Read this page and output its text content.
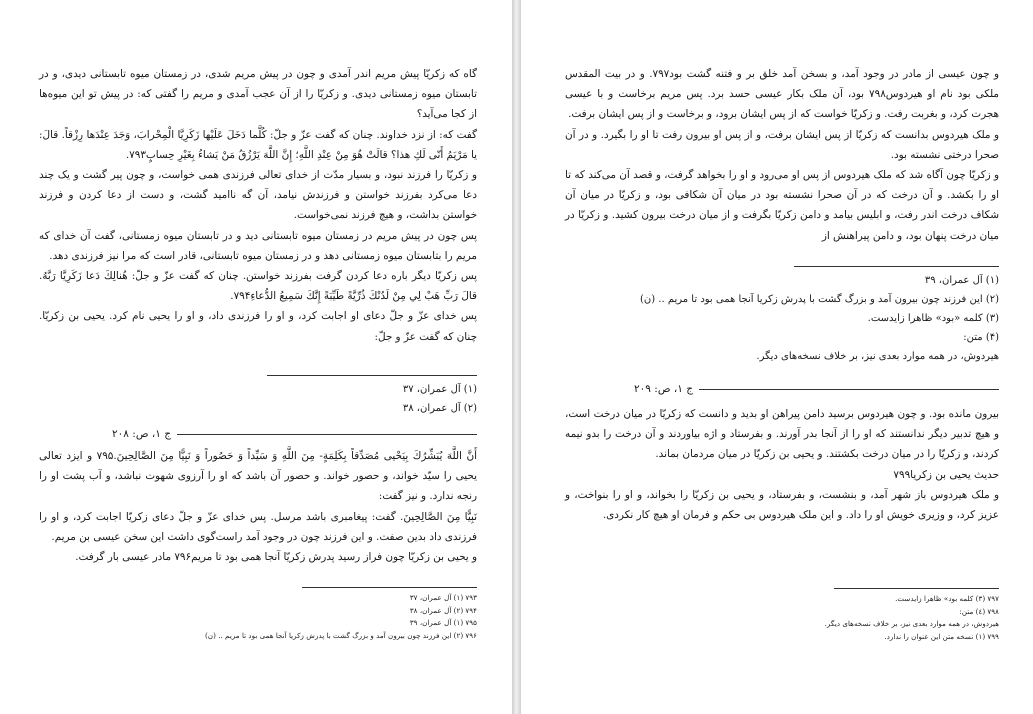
گاه که زکریّا پیش مریم اندر آمدی و چون در پیش مریم شدی، در زمستان میوه تابستانی دیدی، و در تابستان میوه زمستانی دیدی. و زکریّا را از آن عجب آمدی و مریم را گفتی که: در پیش تو این میوه‌ها از کجا می‌آید؟

گفت که: از نزد خداوند. چنان که گفت عزّ و جلّ: كُلَّما دَخَلَ عَلَيْها زَكَرِيَّا الْمِحْرابَ، وَجَدَ عِنْدَها رِزْقاً. قالَ: يا مَرْيَمُ أَنّى لَكِ هذا؟ قالَتْ هُوَ مِنْ عِنْدِ اللَّهِ؛ إِنَّ اللَّهَ يَرْزُقُ مَنْ يَشاءُ بِغَيْرِ حِسابٍ۷۹۳.

و زکریّا را فرزند نبود، و بسیار مدّت از خدای تعالی فرزندی همی خواست، و چون پیر گشت و یک چند دعا می‌کرد بفرزند خواستن و فرزندش نیامد، آن گه ناامید گشت، و دست از دعا کردن و فرزند خواستن بداشت، و هیچ فرزند نمی‌خواست.

پس چون در پیش مریم در زمستان میوه تابستانی دید و در تابستان میوه زمستانی، گفت آن خدای که مریم را بتابستان میوه زمستانی دهد و در زمستان میوه تابستانی، قادر است که مرا نیز فرزندی دهد.

پس زکریّا دیگر باره دعا کردن گرفت بفرزند خواستن. چنان که گفت عزّ و جلّ: هُنالِكَ دَعا زَكَرِيَّا رَبَّهُ. قالَ رَبِّ هَبْ لِي مِنْ لَدُنْكَ ذُرِّيَّةً طَيِّبَةً إِنَّكَ سَمِيعُ الدُّعاءِ۷۹۴.

پس خدای عزّ و جلّ دعای او اجابت کرد، و او را فرزندی داد، و او را یحیی نام کرد. یحیی بن زکریّا. چنان که گفت عزّ و جلّ:

(۱) آل عمران، ۳۷

(۲) آل عمران، ۳۸

ج ۱، ص: ۲۰۸

أَنَّ اللَّهَ يُبَشِّرُكَ بِيَحْيى مُصَدِّقاً بِكَلِمَةٍ- مِنَ اللَّهِ وَ سَيِّداً وَ حَصُوراً وَ نَبِيًّا مِنَ الصَّالِحِينَ.۷۹۵ و ایزد تعالی یحیی را سیّد خواند، و حصور خواند. و حصور آن باشد که او را آرزوی شهوت نباشد، و آب پشت او را رنجه ندارد. و نیز گفت:

نَبِيًّا مِنَ الصَّالِحِينَ. گفت: پیغامبری باشد مرسل. پس خدای عزّ و جلّ دعای زکریّا اجابت کرد، و او را فرزندی داد بدین صفت. و این فرزند چون در وجود آمد راست‌گوی داشت این سخن عیسی بن مریم.

و یحیی بن زکریّا چون فراز رسید پدرش زکریّا آنجا همی بود تا مریم۷۹۶ مادر عیسی بار گرفت.

۷۹۳ (۱) آل عمران، ۳۷

۷۹۴ (۲) آل عمران، ۳۸

۷۹۵ (۱) آل عمران، ۳۹

۷۹۶ (۲) این فرزند چون بیرون آمد و بزرگ گشت با پدرش زکریا آنجا همی بود تا مریم .. (ن)

و چون عیسی از مادر در وجود آمد، و بسخن آمد خلق بر و فتنه گشت بود۷۹۷. و در بیت المقدس ملکی بود نام او هیردوس۷۹۸ بود، آن ملک بکار عیسی حسد برد. پس مریم برخاست و با عیسی هجرت کرد، و بغربت رفت. و زکریّا خواست که از پس ایشان برود، و برخاست و از پس ایشان برفت.

و ملک هیردوس بدانست که زکریّا از پس ایشان برفت، و از پس او بیرون رفت تا او را بگیرد. و در آن صحرا درختی نشسته بود.

و زکریّا چون آگاه شد که ملک هیردوس از پس او می‌رود و او را بخواهد گرفت، و قصد آن می‌کند که تا او را بکشد. و آن درخت که در آن صحرا نشسته بود در میان آن شکافی بود، و زکریّا در میان آن شکاف درخت اندر رفت، و ابلیس بیامد و دامن زکریّا بگرفت و از میان درخت بیرون کشید. و زکریّا در میان درخت پنهان بود، و دامن پیراهنش از

(۱) آل عمران، ۳۹

(۲) این فرزند چون بیرون آمد و بزرگ گشت با پدرش زکریا آنجا همی بود تا مریم .. (ن)

(۳) کلمه «بود» ظاهرا زایدست.

(۴) متن:

هیردوش، در همه موارد بعدی نیز، بر خلاف نسخه‌های دیگر.

ج ۱، ص: ۲۰۹

بیرون مانده بود. و چون هیردوس برسید دامن پیراهن او بدید و دانست که زکریّا در میان درخت است، و هیچ تدبیر دیگر ندانستند که او را از آنجا بدر آورند. و بفرستاد و اژه بیاوردند و آن درخت را بدو نیمه کردند، و زکریّا را در میان درخت بکشتند. و یحیی بن زکریّا در میان مردمان بماند.

حدیث یحیی بن زکریا۷۹۹

و ملک هیردوس باز شهر آمد، و بنشست، و بفرستاد، و یحیی بن زکریّا را بخواند، و او را بنواخت، و عزیز کرد، و وزیری خویش او را داد. و این ملک هیردوس بی حکم و فرمان او هیچ کار نکردی.

۷۹۷ (۳) کلمه بود» ظاهرا زایدست.

۷۹۸ (٤) متن:

هیردوش، در همه موارد بعدی نیز، بر خلاف نسخه‌های دیگر.

۷۹۹ (١) نسخه متن این عنوان را ندارد.
